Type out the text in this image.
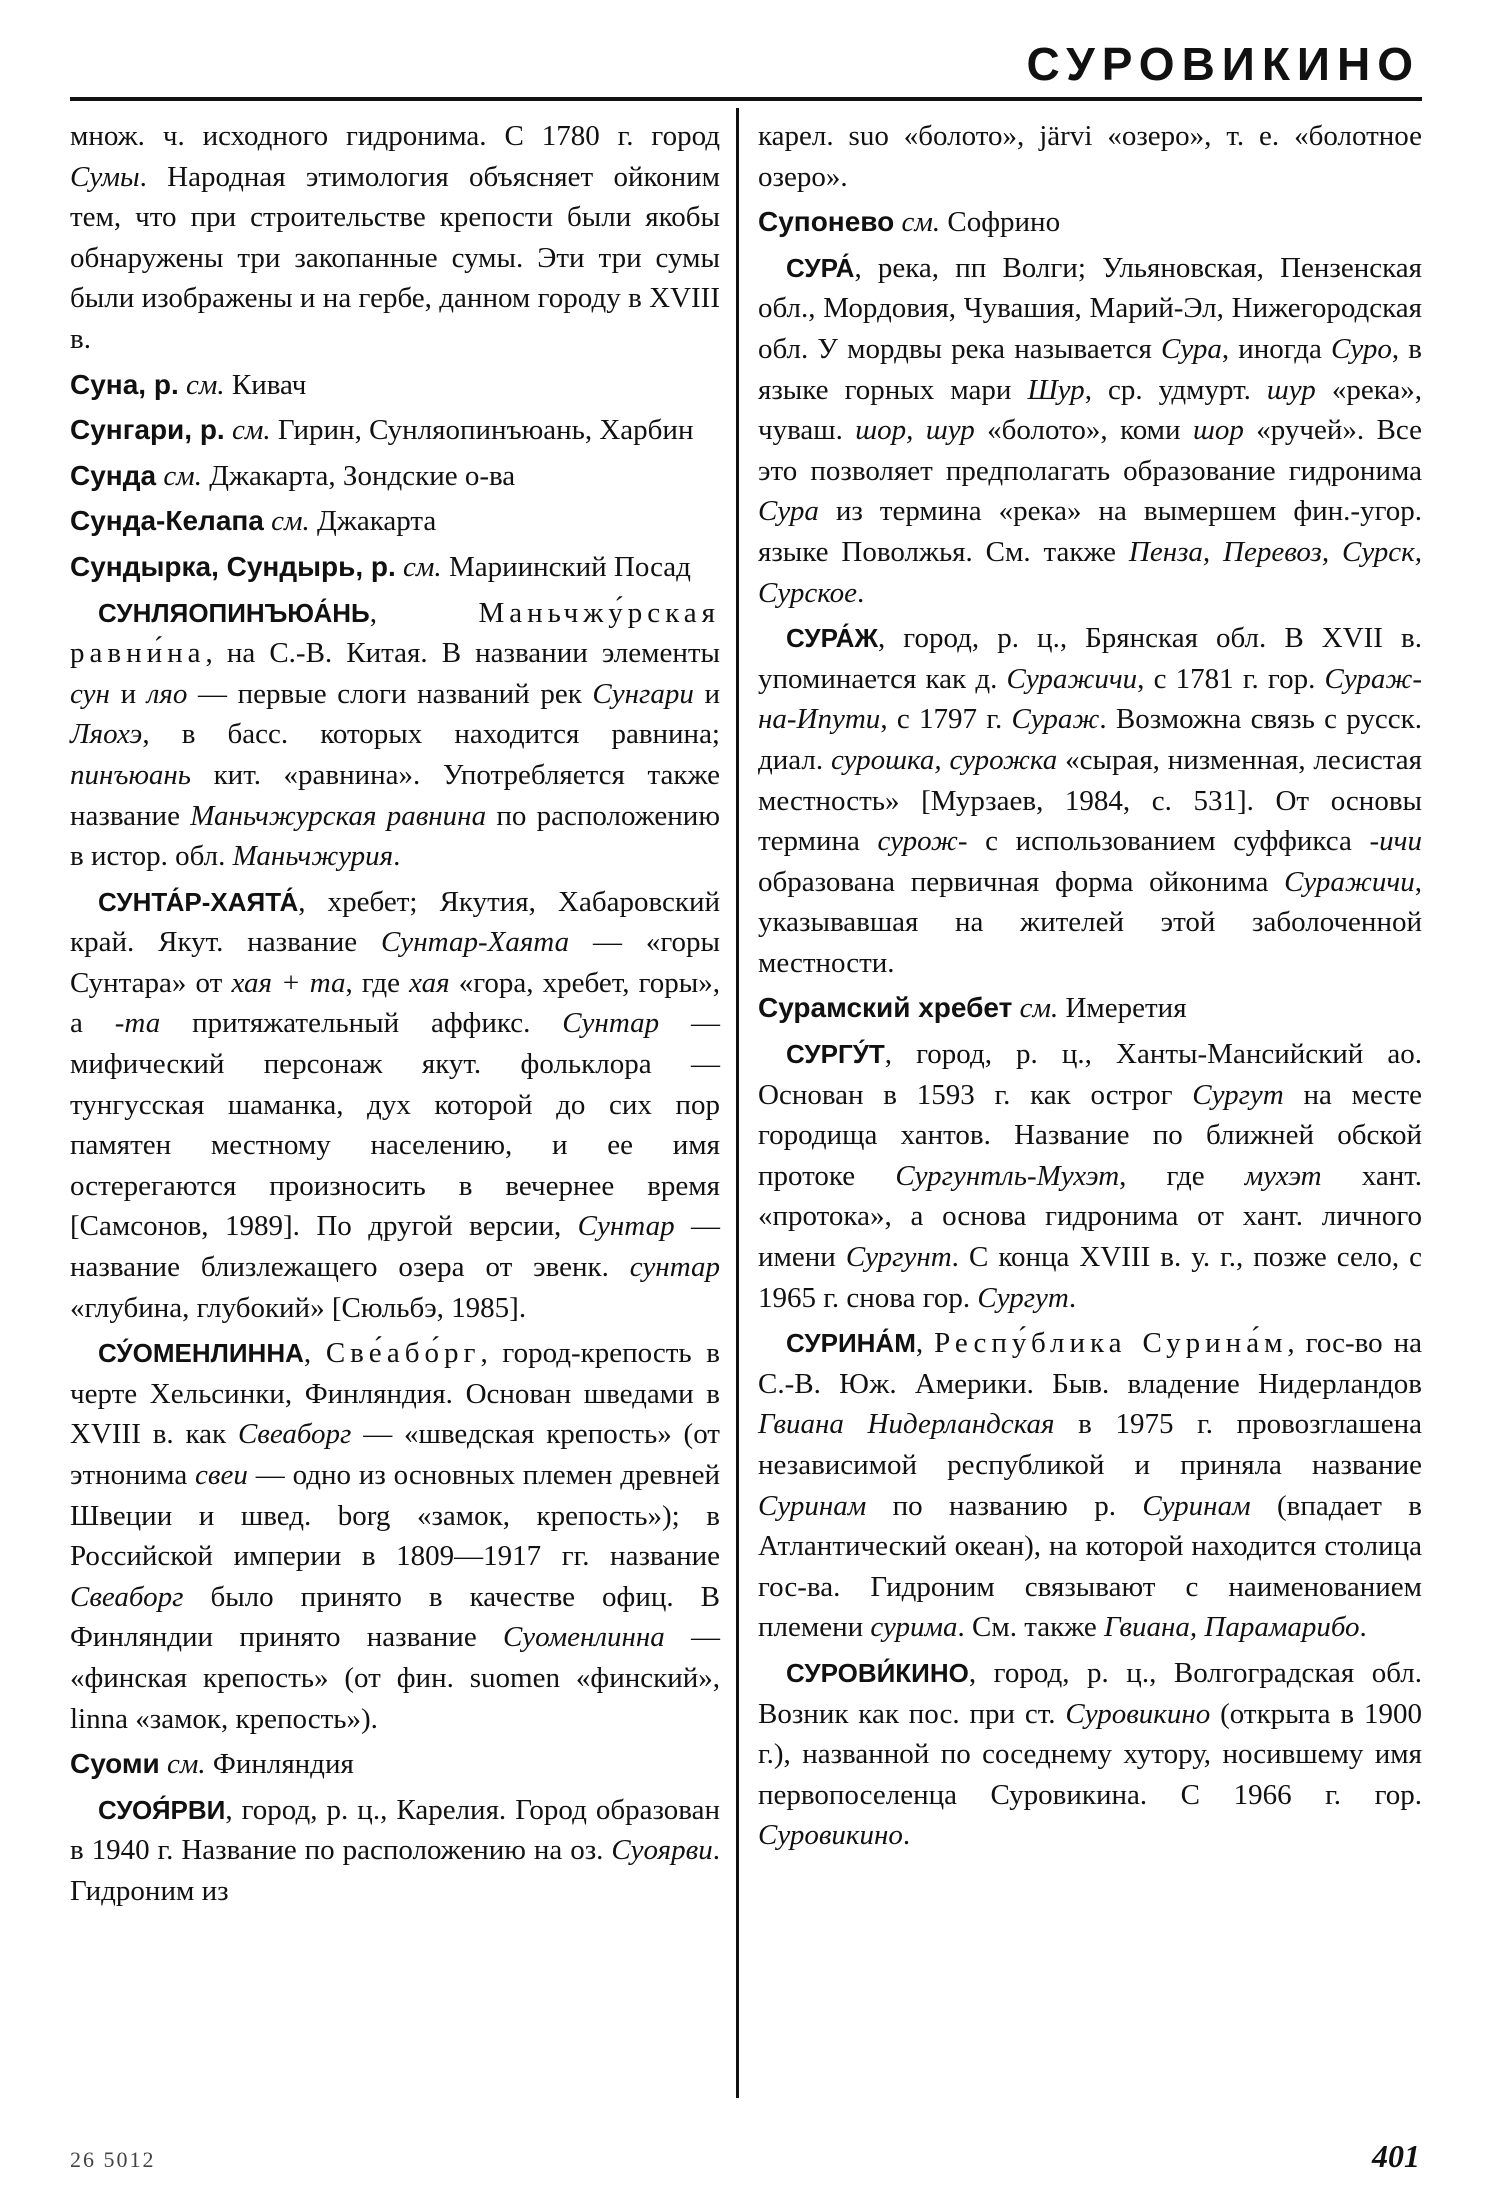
СУРОВИКИНО

множ. ч. исходного гидронима. С 1780 г. город Сумы. Народная этимология объясняет ойконим тем, что при строительстве крепости были якобы обнаружены три закопанные сумы. Эти три сумы были изображены и на гербе, данном городу в XVIII в.

Суна, р. см. Кивач

Сунгари, р. см. Гирин, Сунляопинъюань, Харбин

Сунда см. Джакарта, Зондские о-ва

Сунда-Келапа см. Джакарта

Сундырка, Сундырь, р. см. Мариинский Посад

СУНЛЯОПИНЪЮА́НЬ, Маньчжу́рская равни́на, на С.-В. Китая. В названии элементы сун и ляо — первые слоги названий рек Сунгари и Ляохэ, в басс. которых находится равнина; пинъюань кит. «равнина». Употребляется также название Маньчжурская равнина по расположению в истор. обл. Маньчжурия.

СУНТА́Р-ХАЯТА́, хребет; Якутия, Хабаровский край. Якут. название Сунтар-Хаята — «горы Сунтара» от хая + та, где хая «гора, хребет, горы», а -та притяжательный аффикс. Сунтар — мифический персонаж якут. фольклора — тунгусская шаманка, дух которой до сих пор памятен местному населению, и ее имя остерегаются произносить в вечернее время [Самсонов, 1989]. По другой версии, Сунтар — название близлежащего озера от эвенк. сунтар «глубина, глубокий» [Сюльбэ, 1985].

СУ́ОМЕНЛИННА, Све́або́рг, город-крепость в черте Хельсинки, Финляндия. Основан шведами в XVIII в. как Свеаборг — «шведская крепость» (от этнонима свеи — одно из основных племен древней Швеции и швед. borg «замок, крепость»); в Российской империи в 1809—1917 гг. название Свеаборг было принято в качестве офиц. В Финляндии принято название Суоменлинна — «финская крепость» (от фин. suomen «финский», linna «замок, крепость»).

Суоми см. Финляндия

СУОЯ́РВИ, город, р. ц., Карелия. Город образован в 1940 г. Название по расположению на оз. Суоярви. Гидроним из

карел. suo «болото», järvi «озеро», т. е. «болотное озеро».

Супонево см. Софрино

СУРА́, река, пп Волги; Ульяновская, Пензенская обл., Мордовия, Чувашия, Марий-Эл, Нижегородская обл. У мордвы река называется Сура, иногда Суро, в языке горных мари Шур, ср. удмурт. шур «река», чуваш. шор, шур «болото», коми шор «ручей». Все это позволяет предполагать образование гидронима Сура из термина «река» на вымершем фин.-угор. языке Поволжья. См. также Пенза, Перевоз, Сурск, Сурское.

СУРА́Ж, город, р. ц., Брянская обл. В XVII в. упоминается как д. Суражичи, с 1781 г. гор. Сураж-на-Ипути, с 1797 г. Сураж. Возможна связь с русск. диал. сурошка, сурожка «сырая, низменная, лесистая местность» [Мурзаев, 1984, с. 531]. От основы термина сурож- с использованием суффикса -ичи образована первичная форма ойконима Суражичи, указывавшая на жителей этой заболоченной местности.

Сурамский хребет см. Имеретия

СУРГУ́Т, город, р. ц., Ханты-Мансийский ао. Основан в 1593 г. как острог Сургут на месте городища хантов. Название по ближней обской протоке Сургунтль-Мухэт, где мухэт хант. «протока», а основа гидронима от хант. личного имени Сургунт. С конца XVIII в. у. г., позже село, с 1965 г. снова гор. Сургут.

СУРИНА́М, Респу́блика Сурина́м, гос-во на С.-В. Юж. Америки. Быв. владение Нидерландов Гвиана Нидерландская в 1975 г. провозглашена независимой республикой и приняла название Суринам по названию р. Суринам (впадает в Атлантический океан), на которой находится столица гос-ва. Гидроним связывают с наименованием племени сурима. См. также Гвиана, Парамарибо.

СУРОВИ́КИНО, город, р. ц., Волгоградская обл. Возник как пос. при ст. Суровикино (открыта в 1900 г.), названной по соседнему хутору, носившему имя первопоселенца Суровикина. С 1966 г. гор. Суровикино.

26 5012	401
